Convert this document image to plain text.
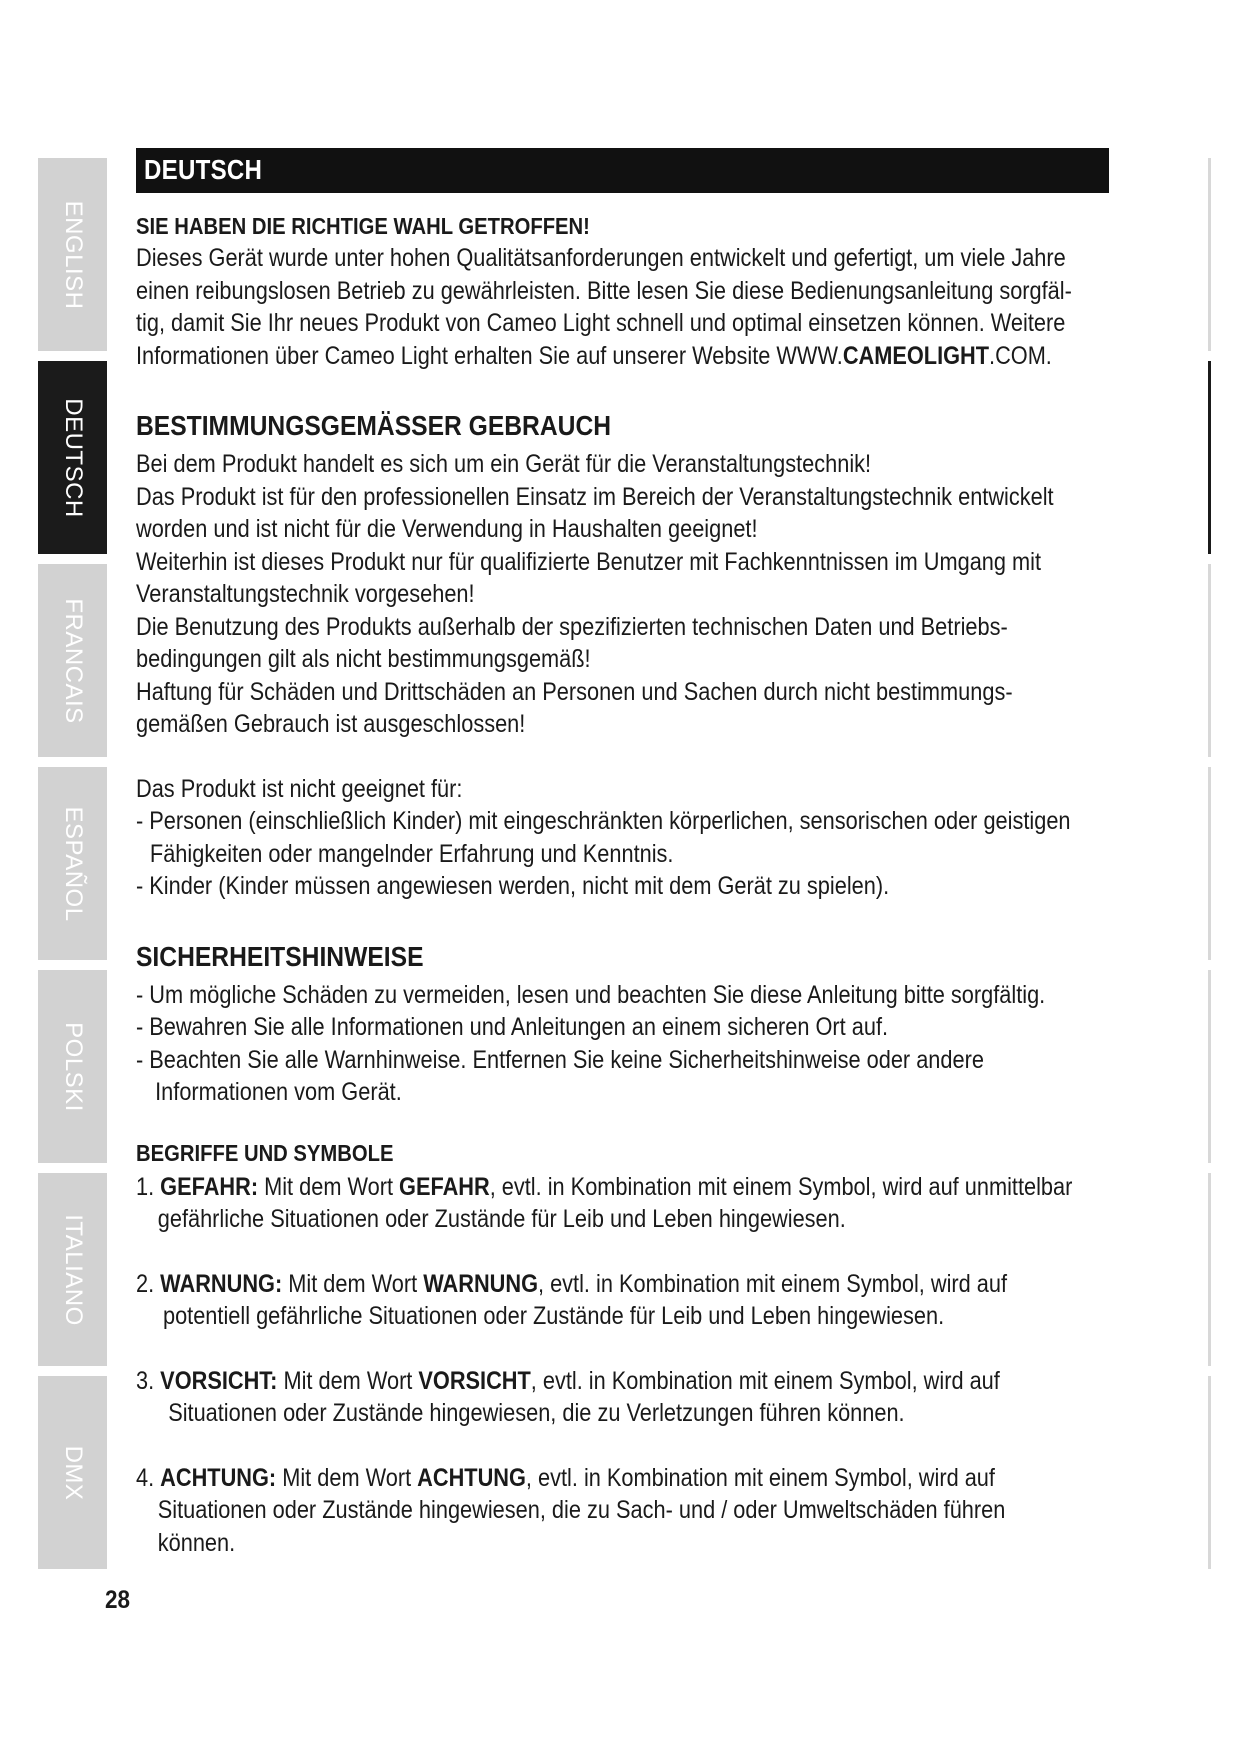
ENGLISH
DEUTSCH
FRANCAIS
ESPAÑOL
POLSKI
ITALIANO
DMX
DEUTSCH

SIE HABEN DIE RICHTIGE WAHL GETROFFEN!

Dieses Gerät wurde unter hohen Qualitätsanforderungen entwickelt und gefertigt, um viele Jahre
einen reibungslosen Betrieb zu gewährleisten. Bitte lesen Sie diese Bedienungsanleitung sorgfäl-
tig, damit Sie Ihr neues Produkt von Cameo Light schnell und optimal einsetzen können. Weitere
Informationen über Cameo Light erhalten Sie auf unserer Website WWW.CAMEOLIGHT.COM.

BESTIMMUNGSGEMÄSSER GEBRAUCH

Bei dem Produkt handelt es sich um ein Gerät für die Veranstaltungstechnik!
Das Produkt ist für den professionellen Einsatz im Bereich der Veranstaltungstechnik entwickelt
worden und ist nicht für die Verwendung in Haushalten geeignet!
Weiterhin ist dieses Produkt nur für qualifizierte Benutzer mit Fachkenntnissen im Umgang mit
Veranstaltungstechnik vorgesehen!
Die Benutzung des Produkts außerhalb der spezifizierten technischen Daten und Betriebs-
bedingungen gilt als nicht bestimmungsgemäß!
Haftung für Schäden und Drittschäden an Personen und Sachen durch nicht bestimmungs-
gemäßen Gebrauch ist ausgeschlossen!
Das Produkt ist nicht geeignet für:
- Personen (einschließlich Kinder) mit eingeschränkten körperlichen, sensorischen oder geistigen
Fähigkeiten oder mangelnder Erfahrung und Kenntnis.
- Kinder (Kinder müssen angewiesen werden, nicht mit dem Gerät zu spielen).

SICHERHEITSHINWEISE

- Um mögliche Schäden zu vermeiden, lesen und beachten Sie diese Anleitung bitte sorgfältig.
- Bewahren Sie alle Informationen und Anleitungen an einem sicheren Ort auf.
- Beachten Sie alle Warnhinweise. Entfernen Sie keine Sicherheitshinweise oder andere
Informationen vom Gerät.

BEGRIFFE UND SYMBOLE

1. GEFAHR: Mit dem Wort GEFAHR, evtl. in Kombination mit einem Symbol, wird auf unmittelbar
gefährliche Situationen oder Zustände für Leib und Leben hingewiesen.
2. WARNUNG: Mit dem Wort WARNUNG, evtl. in Kombination mit einem Symbol, wird auf
potentiell gefährliche Situationen oder Zustände für Leib und Leben hingewiesen.
3. VORSICHT: Mit dem Wort VORSICHT, evtl. in Kombination mit einem Symbol, wird auf
Situationen oder Zustände hingewiesen, die zu Verletzungen führen können.
4. ACHTUNG: Mit dem Wort ACHTUNG, evtl. in Kombination mit einem Symbol, wird auf
Situationen oder Zustände hingewiesen, die zu Sach- und / oder Umweltschäden führen
können.
28
